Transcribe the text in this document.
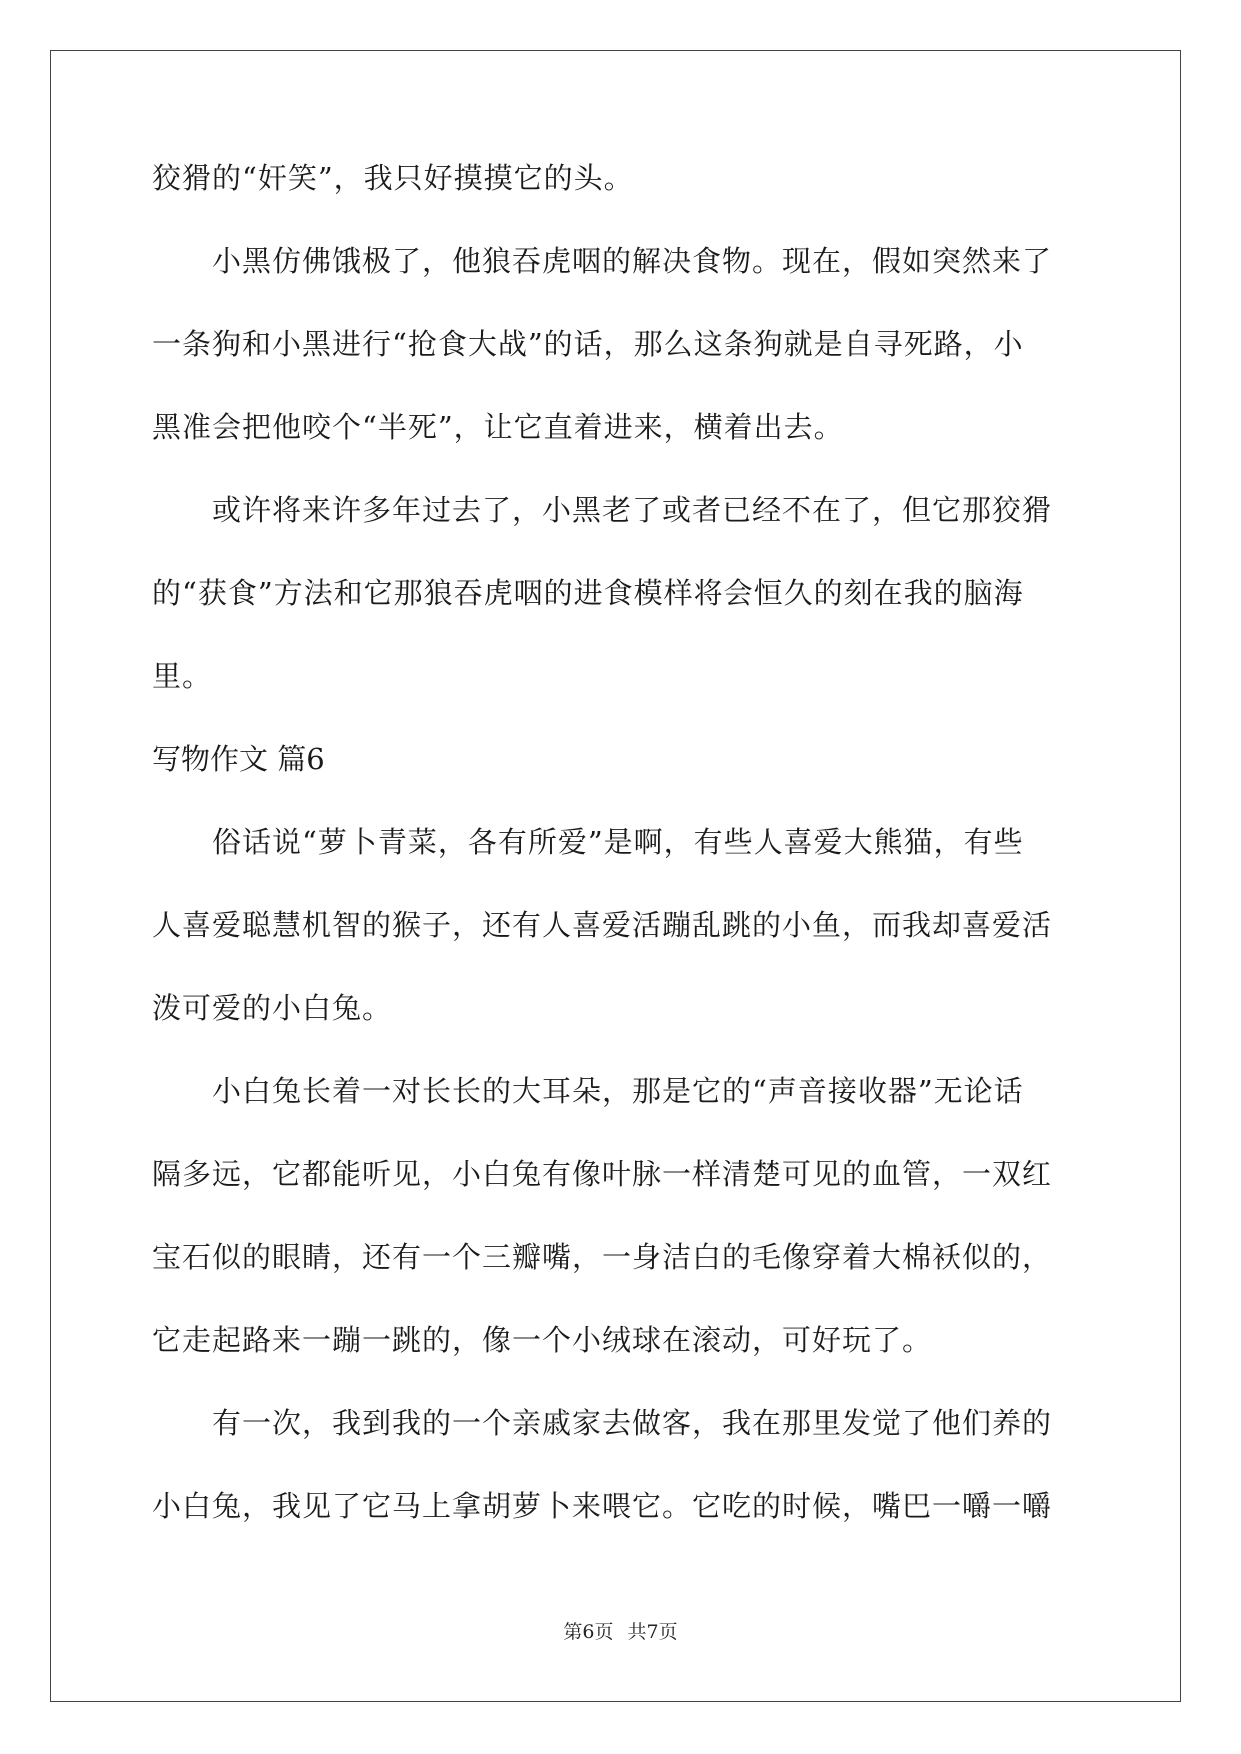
狡猾的“奸笑”，我只好摸摸它的头。
　　小黑仿佛饿极了，他狼吞虎咽的解决食物。现在，假如突然来了
一条狗和小黑进行“抢食大战”的话，那么这条狗就是自寻死路，小
黑准会把他咬个“半死”，让它直着进来，横着出去。
　　或许将来许多年过去了，小黑老了或者已经不在了，但它那狡猾
的“获食”方法和它那狼吞虎咽的进食模样将会恒久的刻在我的脑海
里。
写物作文 篇6
　　俗话说“萝卜青菜，各有所爱”是啊，有些人喜爱大熊猫，有些
人喜爱聪慧机智的猴子，还有人喜爱活蹦乱跳的小鱼，而我却喜爱活
泼可爱的小白兔。
　　小白兔长着一对长长的大耳朵，那是它的“声音接收器”无论话
隔多远，它都能听见，小白兔有像叶脉一样清楚可见的血管，一双红
宝石似的眼睛，还有一个三瓣嘴，一身洁白的毛像穿着大棉袄似的，
它走起路来一蹦一跳的，像一个小绒球在滚动，可好玩了。
　　有一次，我到我的一个亲戚家去做客，我在那里发觉了他们养的
小白兔，我见了它马上拿胡萝卜来喂它。它吃的时候，嘴巴一嚼一嚼
第6页 共7页
